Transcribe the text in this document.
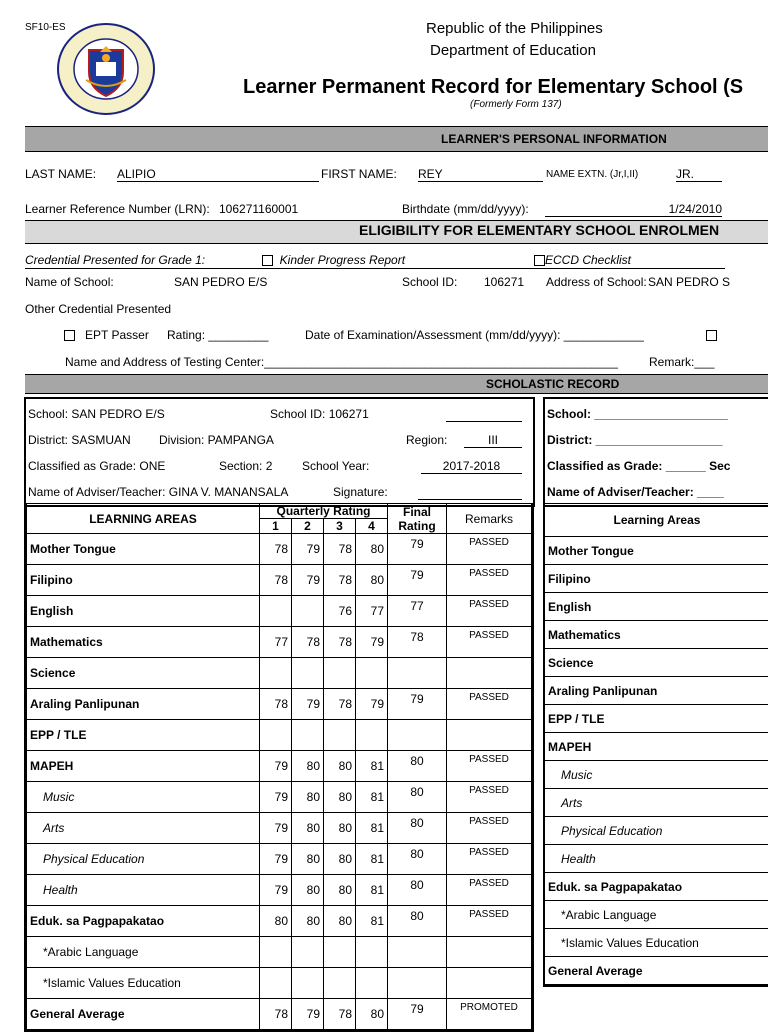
SF10-ES	Republic of the Philippines
Department of Education
Learner Permanent Record for Elementary School (S
(Formerly Form 137)
LEARNER'S PERSONAL INFORMATION
LAST NAME: ALIPIO	FIRST NAME: REY	NAME EXTN. (Jr,I,II)	JR.
Learner Reference Number (LRN): 106271160001	Birthdate (mm/dd/yyyy):	1/24/2010
ELIGIBILITY FOR ELEMENTARY SCHOOL ENROLMEN
Credential Presented for Grade 1:	Kinder Progress Report	ECCD Checklist
Name of School:	SAN PEDRO E/S	School ID: 106271 Address of School: SAN PEDRO S
Other Credential Presented
EPT Passer Rating: _________	Date of Examination/Assessment (mm/dd/yyyy): ____________
Name and Address of Testing Center:_____________________________________________________	Remark:___
SCHOLASTIC RECORD
School: SAN PEDRO E/S	School ID: 106271
District: SASMUAN Division: PAMPANGA	Region:	III
Classified as Grade: ONE	Section: 2 School Year:	2017-2018
Name of Adviser/Teacher: GINA V. MANANSALA	Signature:
School: ____________________
District: ___________________
Classified as Grade: ______ Sec
Name of Adviser/Teacher: ____
LEARNING AREAS	Quarterly Rating				Final Rating	Remarks
	1	2	3	4		
Mother Tongue	78	79	78	80	79	PASSED
Filipino	78	79	78	80	79	PASSED
English			76	77	77	PASSED
Mathematics	77	78	78	79	78	PASSED
Science						
Araling Panlipunan	78	79	78	79	79	PASSED
EPP / TLE						
MAPEH	79	80	80	81	80	PASSED
Music	79	80	80	81	80	PASSED
Arts	79	80	80	81	80	PASSED
Physical Education	79	80	80	81	80	PASSED
Health	79	80	80	81	80	PASSED
Eduk. sa Pagpapakatao	80	80	80	81	80	PASSED
*Arabic Language						
*Islamic Values Education						
General Average	78	79	78	80	79	PROMOTED
Learning Areas
Mother Tongue
Filipino
English
Mathematics
Science
Araling Panlipunan
EPP / TLE
MAPEH
Music
Arts
Physical Education
Health
Eduk. sa Pagpapakatao
*Arabic Language
*Islamic Values Education
General Average
